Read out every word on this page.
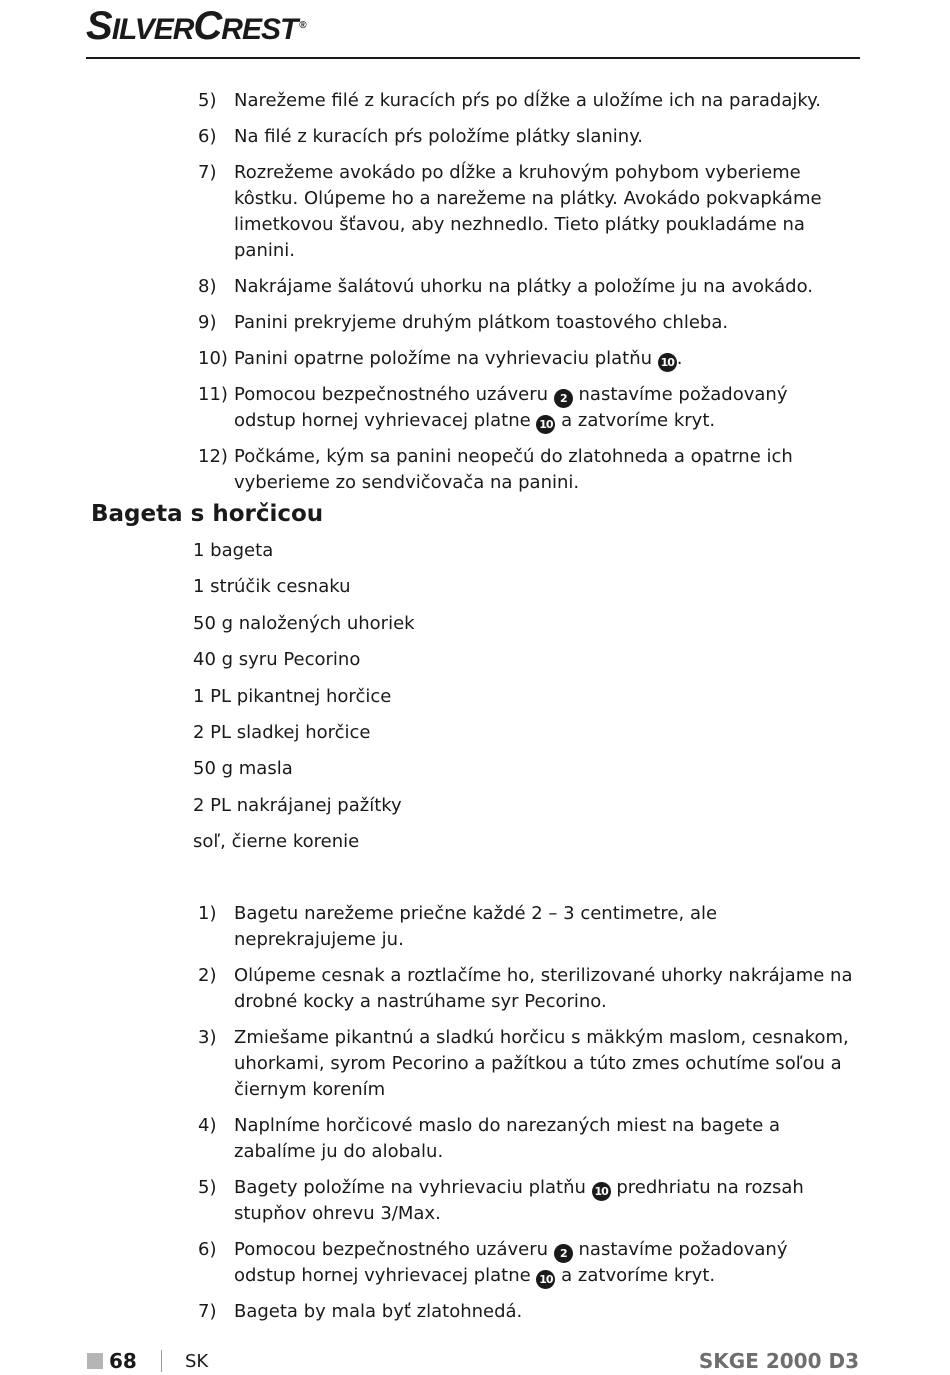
SILVERCREST ®
5) Narežeme filé z kuracích pŕs po dĺžke a uložíme ich na paradajky.
6) Na filé z kuracích pŕs položíme plátky slaniny.
7) Rozrežeme avokádo po dĺžke a kruhovým pohybom vyberieme kôstku. Olúpeme ho a narežeme na plátky. Avokádo pokvapkáme limetkovou šťavou, aby nezhnedlo. Tieto plátky poukladáme na panini.
8) Nakrájame šalátovú uhorku na plátky a položíme ju na avokádo.
9) Panini prekryjeme druhým plátkom toastového chleba.
10) Panini opatrne položíme na vyhrievaciu platňu 10 .
11) Pomocou bezpečnostného uzáveru 2 nastavíme požadovaný odstup hornej vyhrievacej platne 10 a zatvoríme kryt.
12) Počkáme, kým sa panini neopečú do zlatohneda a opatrne ich vyberieme zo sendvičovača na panini.
Bageta s horčicou
1 bageta
1 strúčik cesnaku
50 g naložených uhoriek
40 g syru Pecorino
1 PL pikantnej horčice
2 PL sladkej horčice
50 g masla
2 PL nakrájanej pažítky
soľ, čierne korenie
1) Bagetu narežeme priečne každé 2 – 3 centimetre, ale neprekrajujeme ju.
2) Olúpeme cesnak a roztlačíme ho, sterilizované uhorky nakrájame na drobné kocky a nastrúhame syr Pecorino.
3) Zmiešame pikantnú a sladkú horčicu s mäkkým maslom, cesnakom, uhorkami, syrom Pecorino a pažítkou a túto zmes ochutíme soľou a čiernym korením
4) Naplníme horčicové maslo do narezaných miest na bagete a zabalíme ju do alobalu.
5) Bagety položíme na vyhrievaciu platňu 10 predhriatu na rozsah stupňov ohrevu 3/Max.
6) Pomocou bezpečnostného uzáveru 2 nastavíme požadovaný odstup hornej vyhrievacej platne 10 a zatvoríme kryt.
7) Bageta by mala byť zlatohnedá.
68	SK	SKGE 2000 D3
